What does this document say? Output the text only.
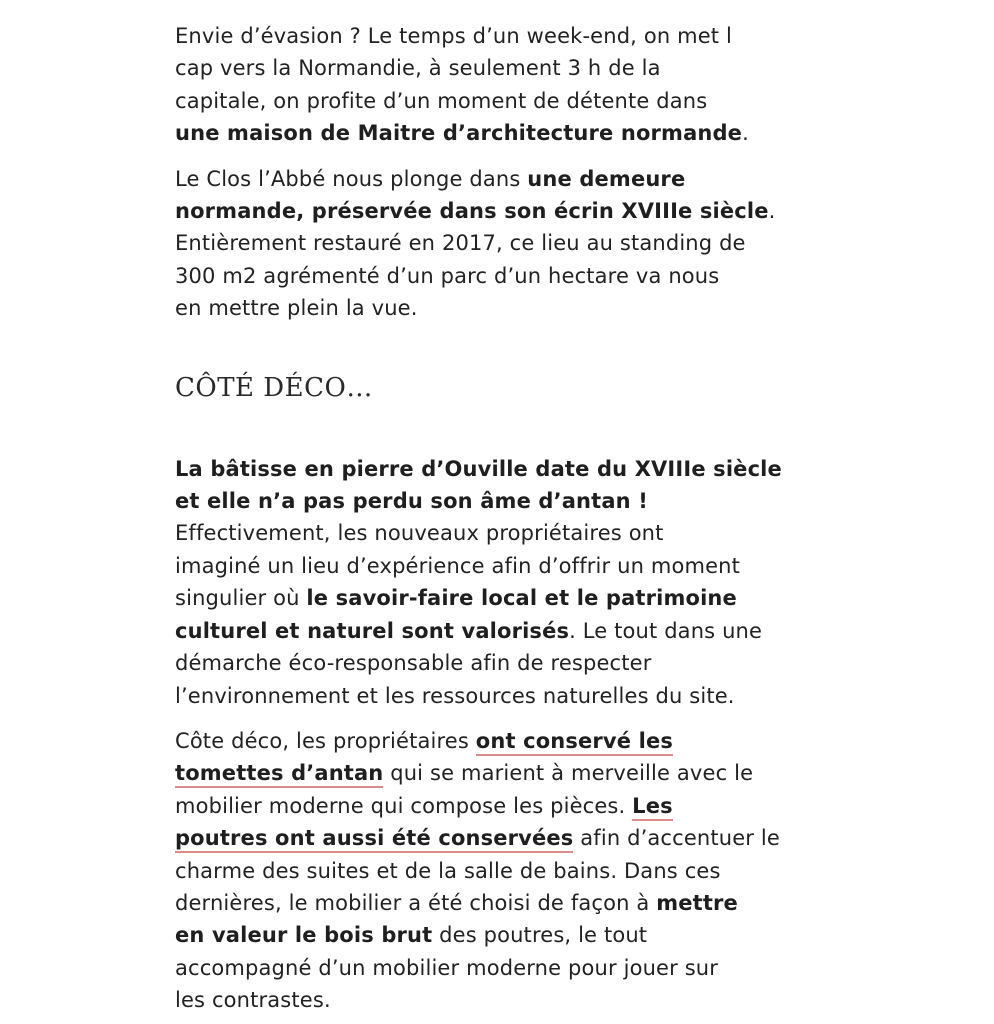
Envie d’évasion ? Le temps d’un week-end, on met l
cap vers la Normandie, à seulement 3 h de la
capitale, on profite d’un moment de détente dans
une maison de Maitre d’architecture normande.

Le Clos l’Abbé nous plonge dans une demeure
normande, préservée dans son écrin XVIIIe siècle.
Entièrement restauré en 2017, ce lieu au standing de
300 m2 agrémenté d’un parc d’un hectare va nous
en mettre plein la vue.

CÔTÉ DÉCO…

La bâtisse en pierre d’Ouville date du XVIIIe siècle
et elle n’a pas perdu son âme d’antan !
Effectivement, les nouveaux propriétaires ont
imaginé un lieu d’expérience afin d’offrir un moment
singulier où le savoir-faire local et le patrimoine
culturel et naturel sont valorisés. Le tout dans une
démarche éco-responsable afin de respecter
l’environnement et les ressources naturelles du site.

Côte déco, les propriétaires ont conservé les
tomettes d’antan qui se marient à merveille avec le
mobilier moderne qui compose les pièces. Les
poutres ont aussi été conservées afin d’accentuer le
charme des suites et de la salle de bains. Dans ces
dernières, le mobilier a été choisi de façon à mettre
en valeur le bois brut des poutres, le tout
accompagné d’un mobilier moderne pour jouer sur
les contrastes.
